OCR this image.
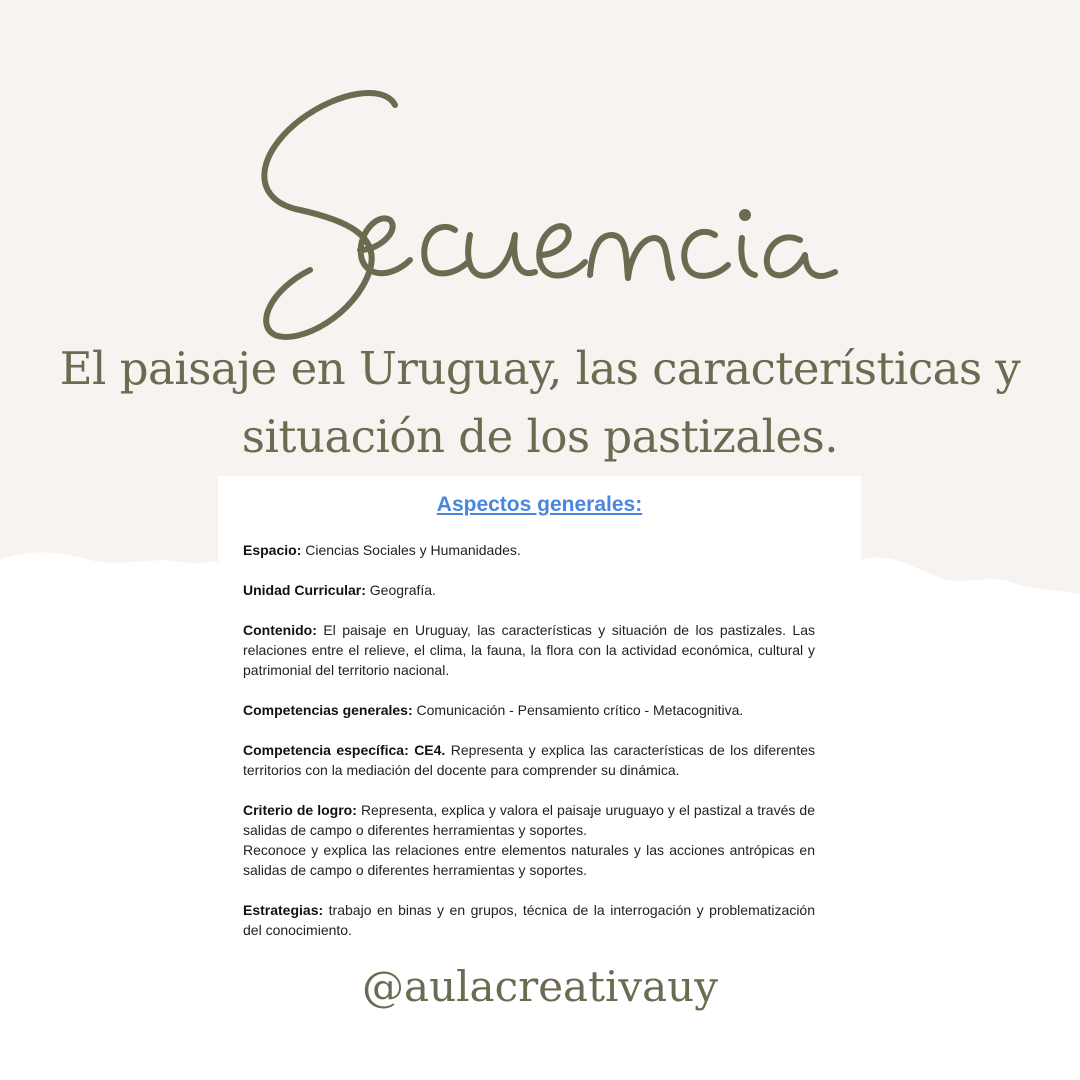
El paisaje en Uruguay, las características y
situación de los pastizales.
Aspectos generales:

Espacio: Ciencias Sociales y Humanidades.

Unidad Curricular: Geografía.

Contenido: El paisaje en Uruguay, las características y situación de los pastizales. Las relaciones entre el relieve, el clima, la fauna, la flora con la actividad económica, cultural y patrimonial del territorio nacional.

Competencias generales: Comunicación - Pensamiento crítico - Metacognitiva.

Competencia específica: CE4. Representa y explica las características de los diferentes territorios con la mediación del docente para comprender su dinámica.

Criterio de logro: Representa, explica y valora el paisaje uruguayo y el pastizal a través de salidas de campo o diferentes herramientas y soportes.
Reconoce y explica las relaciones entre elementos naturales y las acciones antrópicas en salidas de campo o diferentes herramientas y soportes.

Estrategias: trabajo en binas y en grupos, técnica de la interrogación y problematización del conocimiento.

@aulacreativauy
